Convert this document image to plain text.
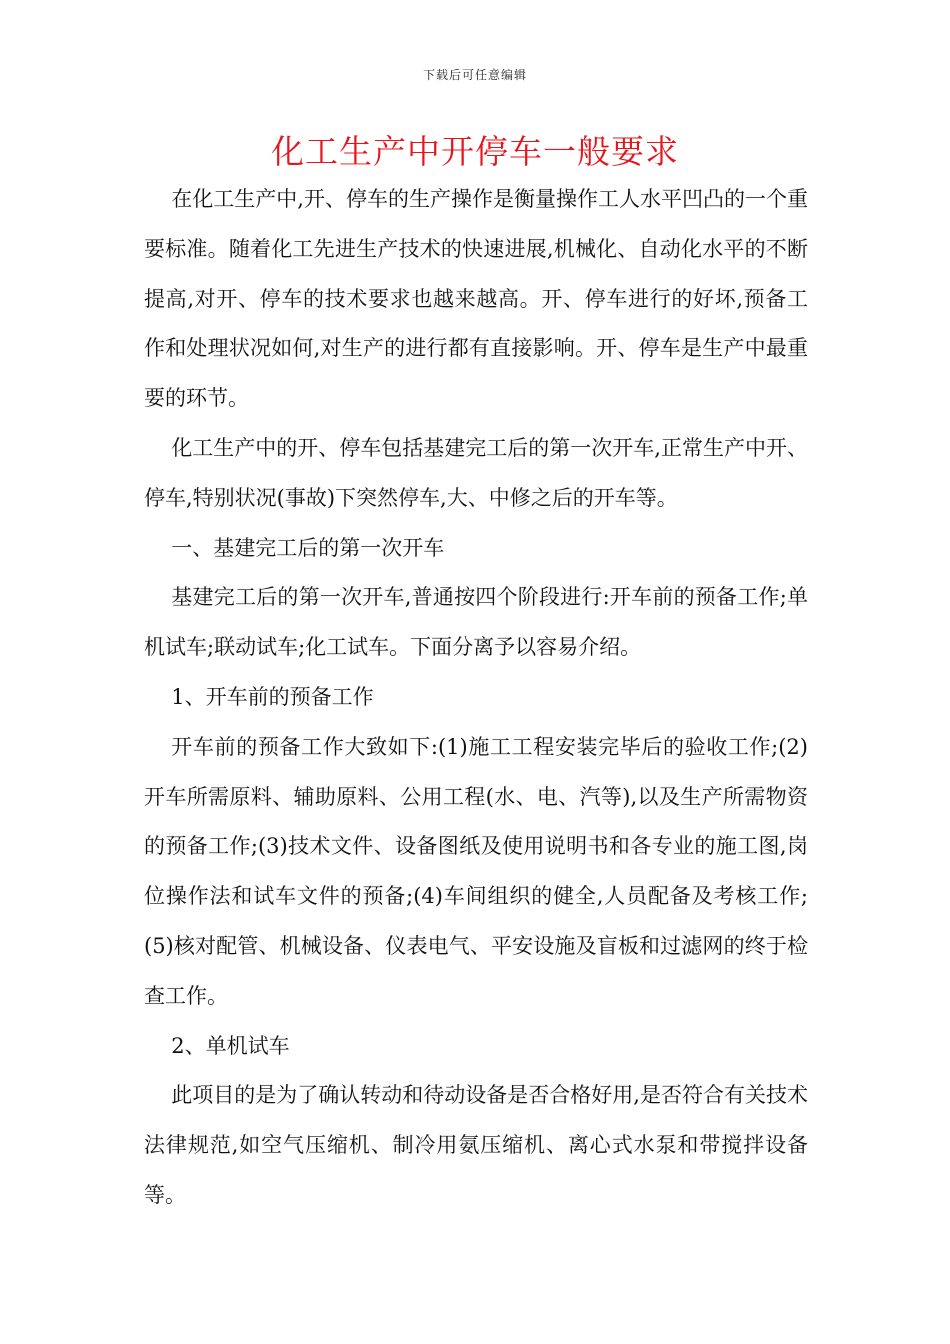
下载后可任意编辑
化工生产中开停车一般要求

在化工生产中,开、停车的生产操作是衡量操作工人水平凹凸的一个重要标准。随着化工先进生产技术的快速进展,机械化、自动化水平的不断提高,对开、停车的技术要求也越来越高。开、停车进行的好坏,预备工作和处理状况如何,对生产的进行都有直接影响。开、停车是生产中最重要的环节。

化工生产中的开、停车包括基建完工后的第一次开车,正常生产中开、停车,特别状况(事故)下突然停车,大、中修之后的开车等。

一、基建完工后的第一次开车

基建完工后的第一次开车,普通按四个阶段进行:开车前的预备工作;单机试车;联动试车;化工试车。下面分离予以容易介绍。

1、开车前的预备工作

开车前的预备工作大致如下:(1)施工工程安装完毕后的验收工作;(2)开车所需原料、辅助原料、公用工程(水、电、汽等),以及生产所需物资的预备工作;(3)技术文件、设备图纸及使用说明书和各专业的施工图,岗位操作法和试车文件的预备;(4)车间组织的健全,人员配备及考核工作;(5)核对配管、机械设备、仪表电气、平安设施及盲板和过滤网的终于检查工作。

2、单机试车

此项目的是为了确认转动和待动设备是否合格好用,是否符合有关技术法律规范,如空气压缩机、制冷用氨压缩机、离心式水泵和带搅拌设备等。
